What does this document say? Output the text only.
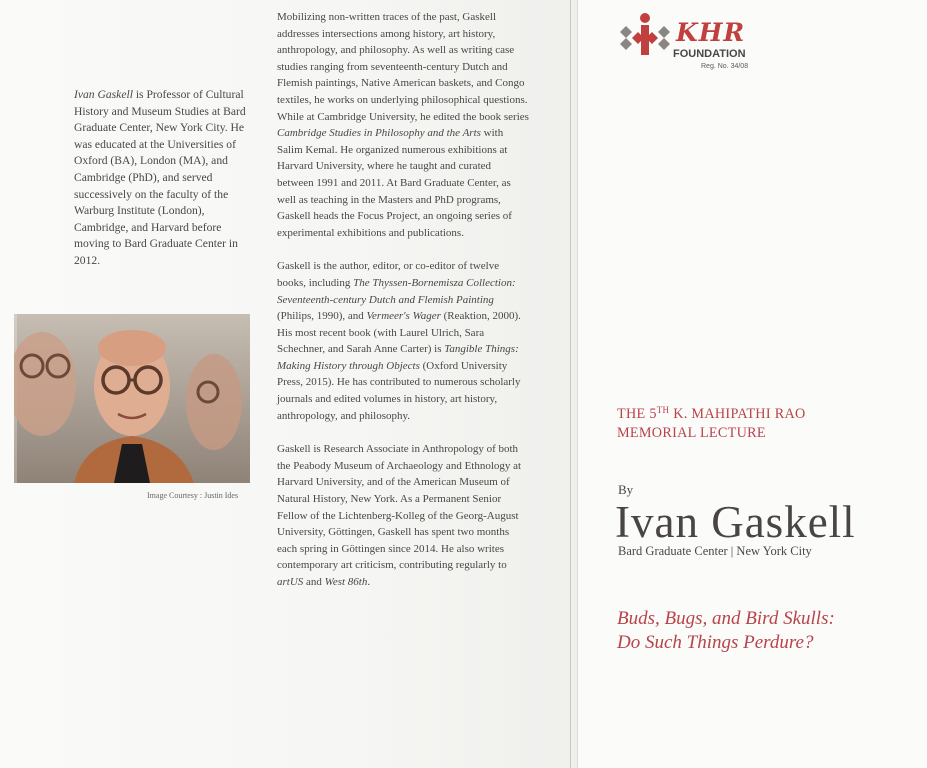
Ivan Gaskell is Professor of Cultural History and Museum Studies at Bard Graduate Center, New York City. He was educated at the Universities of Oxford (BA), London (MA), and Cambridge (PhD), and served successively on the faculty of the Warburg Institute (London), Cambridge, and Harvard before moving to Bard Graduate Center in 2012.
Image Courtesy : Justin Ides

Mobilizing non-written traces of the past, Gaskell addresses intersections among history, art history, anthropology, and philosophy. As well as writing case studies ranging from seventeenth-century Dutch and Flemish paintings, Native American baskets, and Congo textiles, he works on underlying philosophical questions. While at Cambridge University, he edited the book series Cambridge Studies in Philosophy and the Arts with Salim Kemal. He organized numerous exhibitions at Harvard University, where he taught and curated between 1991 and 2011. At Bard Graduate Center, as well as teaching in the Masters and PhD programs, Gaskell heads the Focus Project, an ongoing series of experimental exhibitions and publications.

Gaskell is the author, editor, or co-editor of twelve books, including The Thyssen-Bornemisza Collection: Seventeenth-century Dutch and Flemish Painting (Philips, 1990), and Vermeer's Wager (Reaktion, 2000). His most recent book (with Laurel Ulrich, Sara Schechner, and Sarah Anne Carter) is Tangible Things: Making History through Objects (Oxford University Press, 2015). He has contributed to numerous scholarly journals and edited volumes in history, art history, anthropology, and philosophy.

Gaskell is Research Associate in Anthropology of both the Peabody Museum of Archaeology and Ethnology at Harvard University, and of the American Museum of Natural History, New York. As a Permanent Senior Fellow of the Lichtenberg-Kolleg of the Georg-August University, Göttingen, Gaskell has spent two months each spring in Göttingen since 2014. He also writes contemporary art criticism, contributing regularly to artUS and West 86th.

KHR
FOUNDATION
Reg. No. 34/08
THE 5TH K. MAHIPATHI RAO
MEMORIAL LECTURE
By
Ivan Gaskell
Bard Graduate Center | New York City
Buds, Bugs, and Bird Skulls:
Do Such Things Perdure?
